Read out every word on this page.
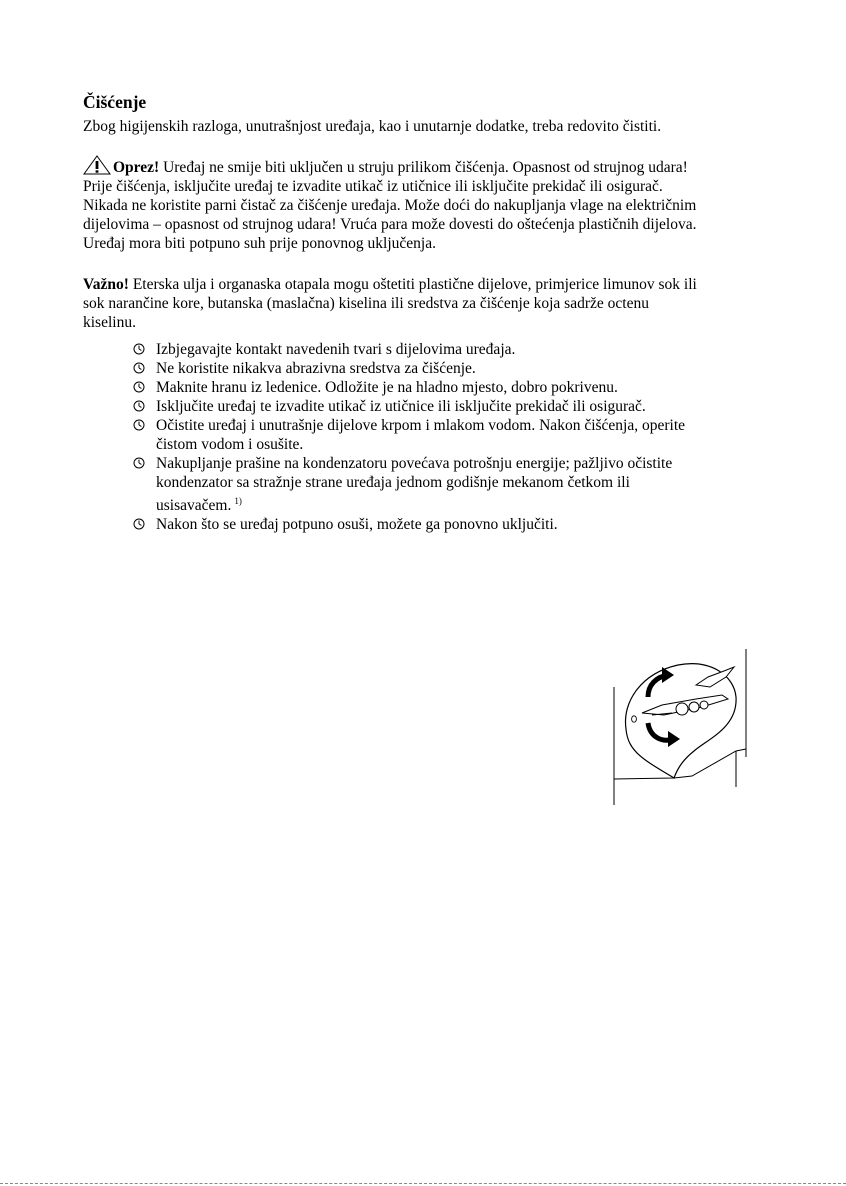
Čišćenje

Zbog higijenskih razloga, unutrašnjost uređaja, kao i unutarnje dodatke, treba redovito čistiti.

Oprez! Uređaj ne smije biti uključen u struju prilikom čišćenja. Opasnost od strujnog udara! Prije čišćenja, isključite uređaj te izvadite utikač iz utičnice ili isključite prekidač ili osigurač. Nikada ne koristite parni čistač za čišćenje uređaja. Može doći do nakupljanja vlage na električnim dijelovima – opasnost od strujnog udara! Vruća para može dovesti do oštećenja plastičnih dijelova. Uređaj mora biti potpuno suh prije ponovnog uključenja.

Važno! Eterska ulja i organaska otapala mogu oštetiti plastične dijelove, primjerice limunov sok ili sok narančine kore, butanska (maslačna) kiselina ili sredstva za čišćenje koja sadrže octenu kiselinu.

Izbjegavajte kontakt navedenih tvari s dijelovima uređaja.
Ne koristite nikakva abrazivna sredstva za čišćenje.
Maknite hranu iz ledenice. Odložite je na hladno mjesto, dobro pokrivenu.
Isključite uređaj te izvadite utikač iz utičnice ili isključite prekidač ili osigurač.
Očistite uređaj i unutrašnje dijelove krpom i mlakom vodom. Nakon čišćenja, operite čistom vodom i osušite.
Nakupljanje prašine na kondenzatoru povećava potrošnju energije; pažljivo očistite kondenzator sa stražnje strane uređaja jednom godišnje mekanom četkom ili usisavačem. $^{1)}$
Nakon što se uređaj potpuno osuši, možete ga ponovno uključiti.
